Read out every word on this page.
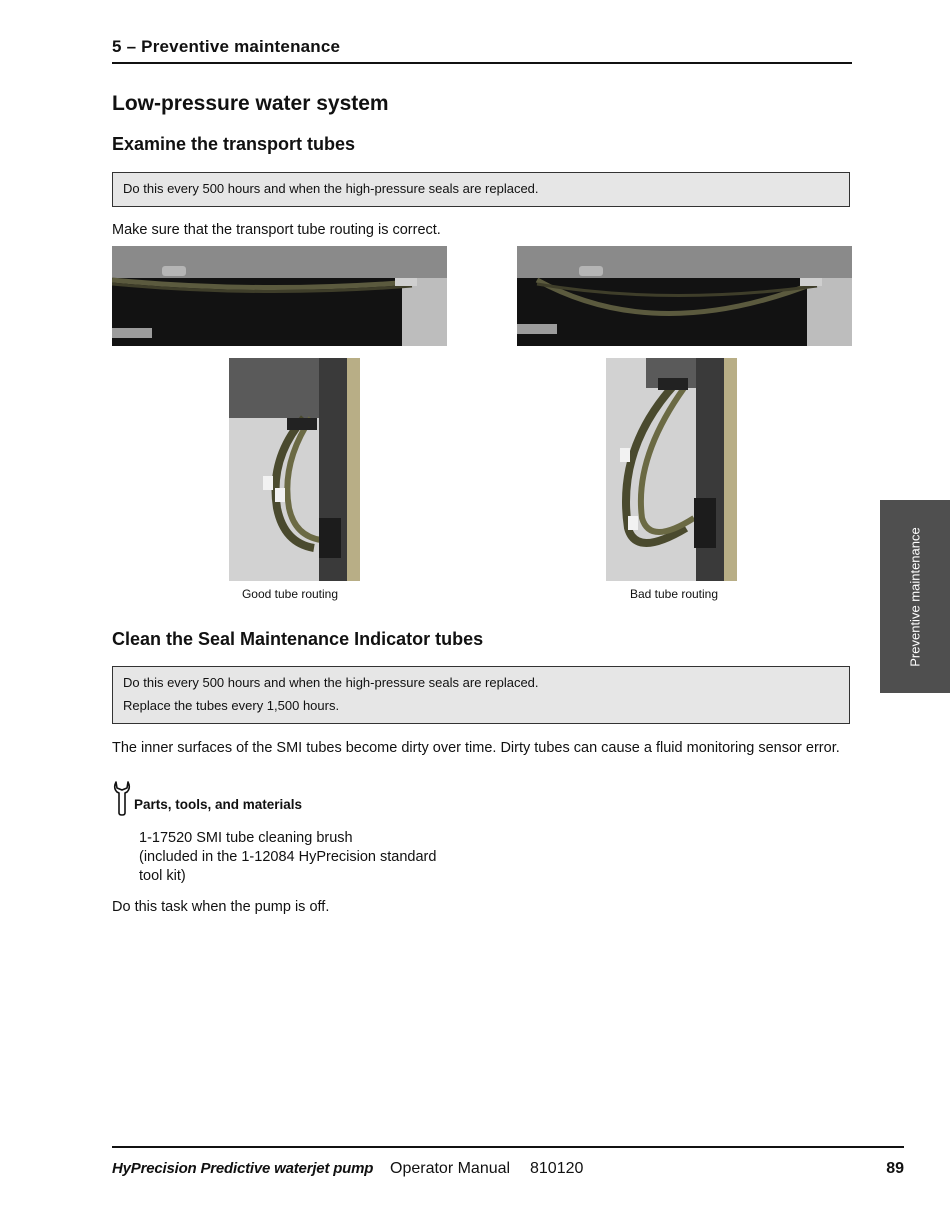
5 – Preventive maintenance
Low-pressure water system
Examine the transport tubes
Do this every 500 hours and when the high-pressure seals are replaced.
Make sure that the transport tube routing is correct.
Good tube routing	Bad tube routing
Clean the Seal Maintenance Indicator tubes
Do this every 500 hours and when the high-pressure seals are replaced.
Replace the tubes every 1,500 hours.
The inner surfaces of the SMI tubes become dirty over time. Dirty tubes can cause a fluid monitoring sensor error.
Parts, tools, and materials
1-17520 SMI tube cleaning brush
(included in the 1-12084 HyPrecision standard
tool kit)
Do this task when the pump is off.
Preventive maintenance
HyPrecision Predictive waterjet pump Operator Manual 810120	89
